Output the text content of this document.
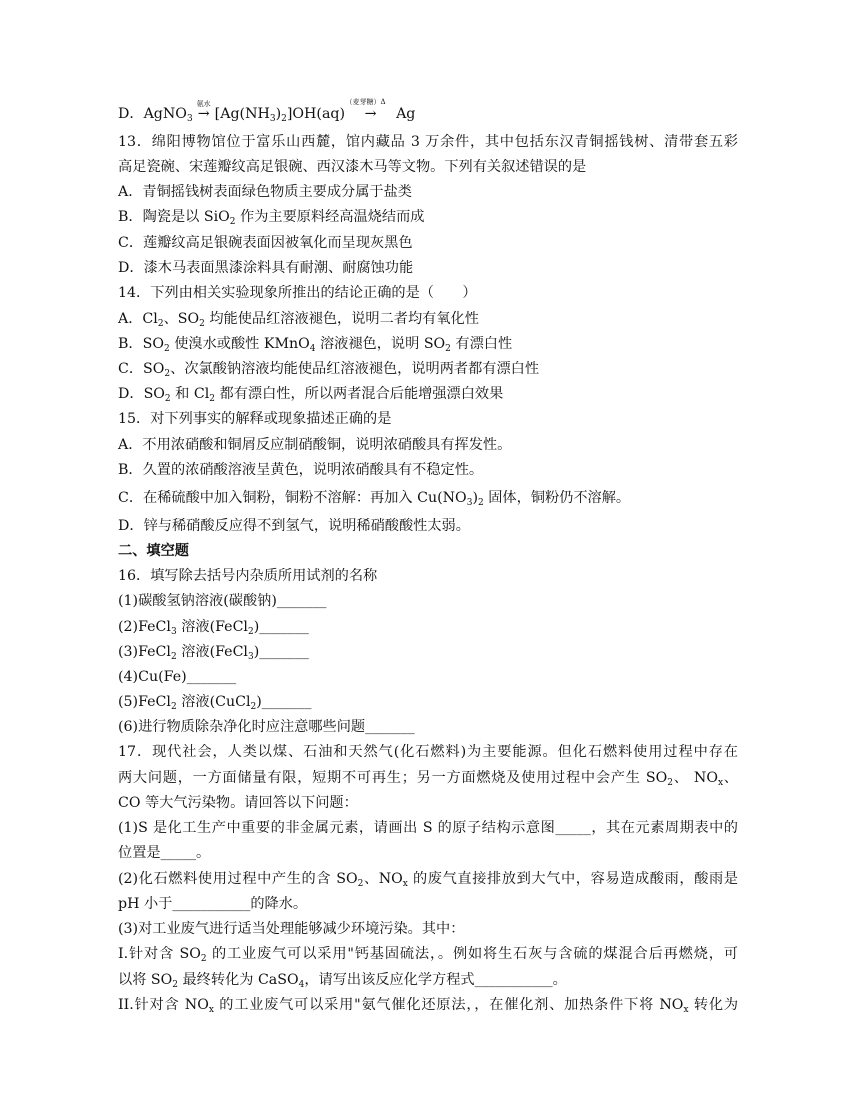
D．AgNO$_3$
氨水
→ $[Ag(NH_3)_2]OH(aq)$
（麦芽糖）Δ
→ Ag
13．绵阳博物馆位于富乐山西麓，馆内藏品 3 万余件，其中包括东汉青铜摇钱树、清带套五彩
高足瓷碗、宋莲瓣纹高足银碗、西汉漆木马等文物。下列有关叙述错误的是
A．青铜摇钱树表面绿色物质主要成分属于盐类
B．陶瓷是以 SiO$_2$ 作为主要原料经高温烧结而成
C．莲瓣纹高足银碗表面因被氧化而呈现灰黑色
D．漆木马表面黑漆涂料具有耐潮、耐腐蚀功能
14．下列由相关实验现象所推出的结论正确的是（　　）
A．$Cl_2$、$SO_2$ 均能使品红溶液褪色，说明二者均有氧化性
B．$SO_2$ 使溴水或酸性 KMnO$_4$ 溶液褪色，说明 $SO_2$ 有漂白性
C．$SO_2$、次氯酸钠溶液均能使品红溶液褪色，说明两者都有漂白性
D．$SO_2$ 和 $Cl_2$ 都有漂白性，所以两者混合后能增强漂白效果
15．对下列事实的解释或现象描述正确的是
A．不用浓硝酸和铜屑反应制硝酸铜，说明浓硝酸具有挥发性。
B．久置的浓硝酸溶液呈黄色，说明浓硝酸具有不稳定性。
C．在稀硫酸中加入铜粉，铜粉不溶解：再加入 $Cu(NO_3)_2$ 固体，铜粉仍不溶解。
D．锌与稀硝酸反应得不到氢气，说明稀硝酸酸性太弱。
二、填空题
16．填写除去括号内杂质所用试剂的名称
(1)碳酸氢钠溶液(碳酸钠)_______
(2)FeCl$_3$ 溶液(FeCl$_2$)_______
(3)FeCl$_2$ 溶液(FeCl$_3$)_______
(4)Cu(Fe)_______
(5)FeCl$_2$ 溶液(CuCl$_2$)_______
(6)进行物质除杂净化时应注意哪些问题_______
17．现代社会，人类以煤、石油和天然气(化石燃料)为主要能源。但化石燃料使用过程中存在
两大问题，一方面储量有限，短期不可再生；另一方面燃烧及使用过程中会产生 $SO_2$、 $NO_x$、
CO 等大气污染物。请回答以下问题：
(1)S 是化工生产中重要的非金属元素，请画出 S 的原子结构示意图_____，其在元素周期表中的
位置是_____。
(2)化石燃料使用过程中产生的含 $SO_2$、$NO_x$ 的废气直接排放到大气中，容易造成酸雨，酸雨是
pH 小于___________的降水。
(3)对工业废气进行适当处理能够减少环境污染。其中：
I.针对含 $SO_2$ 的工业废气可以采用"钙基固硫法，。例如将生石灰与含硫的煤混合后再燃烧，可
以将 $SO_2$ 最终转化为 CaSO$_4$，请写出该反应化学方程式___________。
II.针对含 $NO_x$ 的工业废气可以采用"氨气催化还原法，，在催化剂、加热条件下将 $NO_x$ 转化为
